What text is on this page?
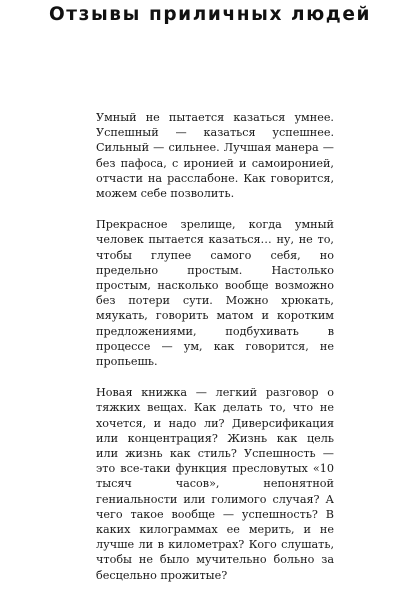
Отзывы приличных людей

Умный не пытается казаться умнее. Успешный — казаться успешнее. Сильный — сильнее. Лучшая манера — без пафоса, с иронией и самоиронией, отчасти на расслабоне. Как говорится, можем себе позволить.

Прекрасное зрелище, когда умный человек пытается казаться… ну, не то, чтобы глупее самого себя, но предельно простым. Настолько простым, насколько вообще возможно без потери сути. Можно хрюкать, мяукать, говорить матом и коротким предложениями, подбухивать в процессе — ум, как говорится, не пропьешь.

Новая книжка — легкий разговор о тяжких вещах. Как делать то, что не хочется, и надо ли? Диверсификация или концентрация? Жизнь как цель или жизнь как стиль? Успешность — это все-таки функция пресловутых «10 тысяч часов», непонятной гениальности или голимого случая? А чего такое вообще — успешность? В каких килограммах ее мерить, и не лучше ли в километрах? Кого слушать, чтобы не было мучительно больно за бесцельно прожитые?
